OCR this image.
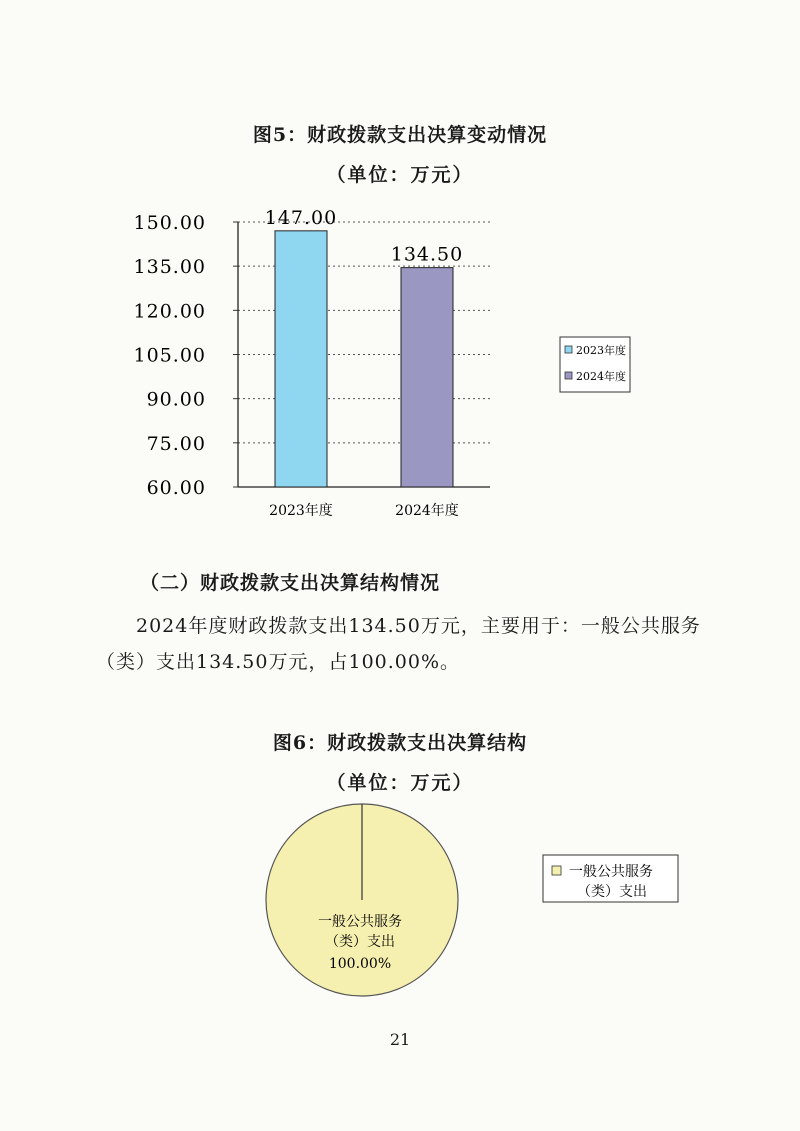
图5：财政拨款支出决算变动情况
（单位：万元）
147.00
134.50
60.00
75.00
90.00
105.00
120.00
135.00
150.00
2023年度	2024年度
2023年度
2024年度
（二）财政拨款支出决算结构情况
2024年度财政拨款支出134.50万元，主要用于：一般公共服务（类）支出134.50万元，占100.00%。
图6：财政拨款支出决算结构
（单位：万元）
一般公共服务
（类）支出
100.00%
一般公共服务
（类）支出
21
